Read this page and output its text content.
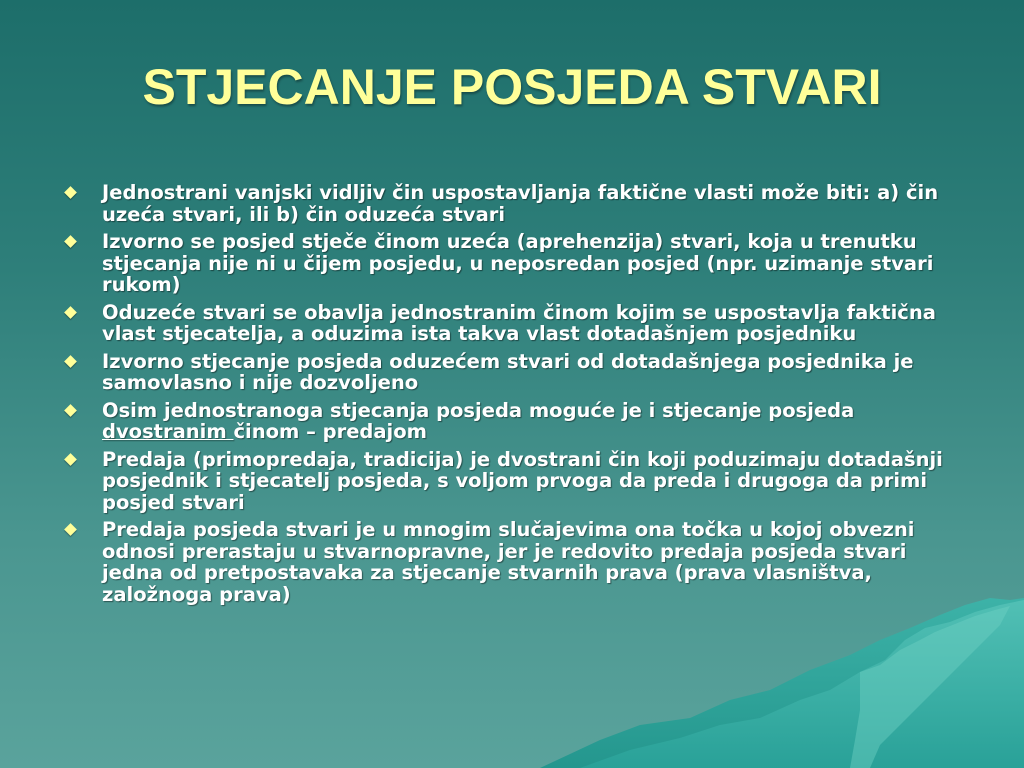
STJECANJE POSJEDA STVARI
Jednostrani vanjski vidljiv čin uspostavljanja faktične vlasti može biti: a) čin uzeća stvari, ili b) čin oduzeća stvari
Izvorno se posjed stječe činom uzeća (aprehenzija) stvari, koja u trenutku stjecanja nije ni u čijem posjedu, u neposredan posjed (npr. uzimanje stvari rukom)
Oduzeće stvari se obavlja jednostranim činom kojim se uspostavlja faktična vlast stjecatelja, a oduzima ista takva vlast dotadašnjem posjedniku
Izvorno stjecanje posjeda oduzećem stvari od dotadašnjega posjednika je samovlasno i nije dozvoljeno
Osim jednostranoga stjecanja posjeda moguće je i stjecanje posjeda dvostranim činom – predajom
Predaja (primopredaja, tradicija) je dvostrani čin koji poduzimaju dotadašnji posjednik i stjecatelj posjeda, s voljom prvoga da preda i drugoga da primi posjed stvari
Predaja posjeda stvari je u mnogim slučajevima ona točka u kojoj obvezni odnosi prerastaju u stvarnopravne, jer je redovito predaja posjeda stvari jedna od pretpostavaka za stjecanje stvarnih prava (prava vlasništva, založnoga prava)
